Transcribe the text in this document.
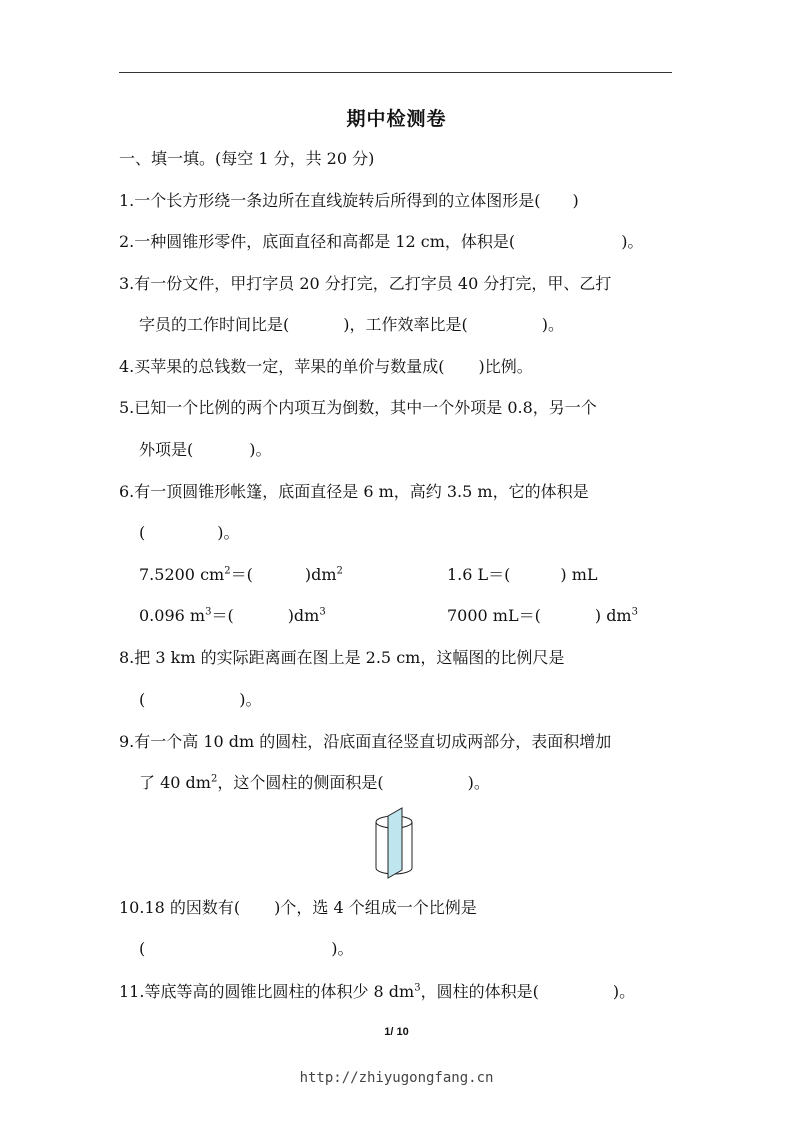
期中检测卷
一、填一填。(每空 1 分，共 20 分)
1.一个长方形绕一条边所在直线旋转后所得到的立体图形是( )
2.一种圆锥形零件，底面直径和高都是 12 cm，体积是(	)。
3.有一份文件，甲打字员 20 分打完，乙打字员 40 分打完，甲、乙打
字员的工作时间比是(	)，工作效率比是(	)。
4.买苹果的总钱数一定，苹果的单价与数量成( )比例。
5.已知一个比例的两个内项互为倒数，其中一个外项是 0.8，另一个
外项是(	)。
6.有一顶圆锥形帐篷，底面直径是 6 m，高约 3.5 m，它的体积是
(	)。
7.5200 $cm^2=$(	)$dm^2$	1.6 L＝(	) mL
0.096 $m^3=$(	)$dm^3$	7000 mL＝(	) $dm^3$
8.把 3 km 的实际距离画在图上是 2.5 cm，这幅图的比例尺是
(	)。
9.有一个高 10 dm 的圆柱，沿底面直径竖直切成两部分，表面积增加
了 40 $dm^2$，这个圆柱的侧面积是(	)。
10.18 的因数有( )个，选 4 个组成一个比例是
(	)。
11.等底等高的圆锥比圆柱的体积少 8 $dm^3$，圆柱的体积是(	)。
1/ 10
http://zhiyugongfang.cn
